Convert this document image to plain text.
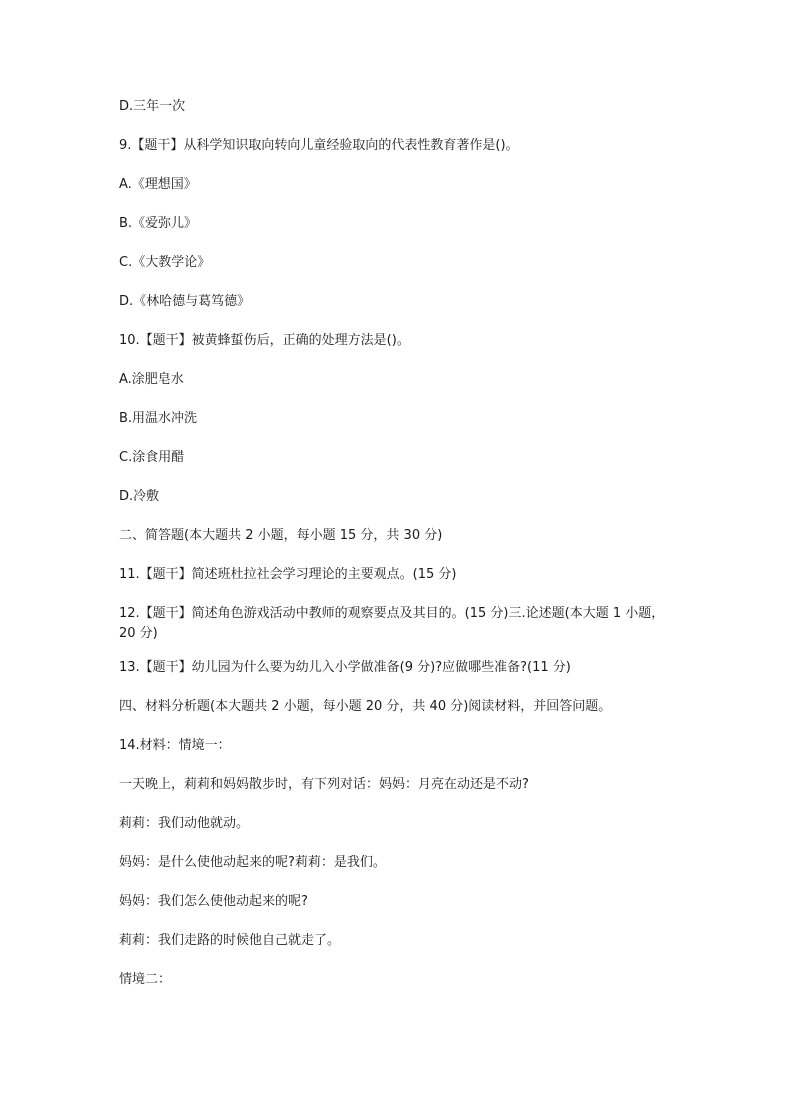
D.三年一次

9.【题干】从科学知识取向转向儿童经验取向的代表性教育著作是()。

A.《理想国》

B.《爱弥儿》

C.《大教学论》

D.《林哈德与葛笃德》

10.【题干】被黄蜂蜇伤后，正确的处理方法是()。

A.涂肥皂水

B.用温水冲洗

C.涂食用醋

D.冷敷

二、简答题(本大题共 2 小题，每小题 15 分，共 30 分)

11.【题干】简述班杜拉社会学习理论的主要观点。(15 分)

12.【题干】简述角色游戏活动中教师的观察要点及其目的。(15 分)三.论述题(本大题 1 小题，20 分)

13.【题干】幼儿园为什么要为幼儿入小学做准备(9 分)?应做哪些准备?(11 分)

四、材料分析题(本大题共 2 小题，每小题 20 分，共 40 分)阅读材料，并回答问题。

14.材料：情境一：

一天晚上，莉莉和妈妈散步时，有下列对话：妈妈：月亮在动还是不动?

莉莉：我们动他就动。

妈妈：是什么使他动起来的呢?莉莉：是我们。

妈妈：我们怎么使他动起来的呢?

莉莉：我们走路的时候他自己就走了。

情境二：
